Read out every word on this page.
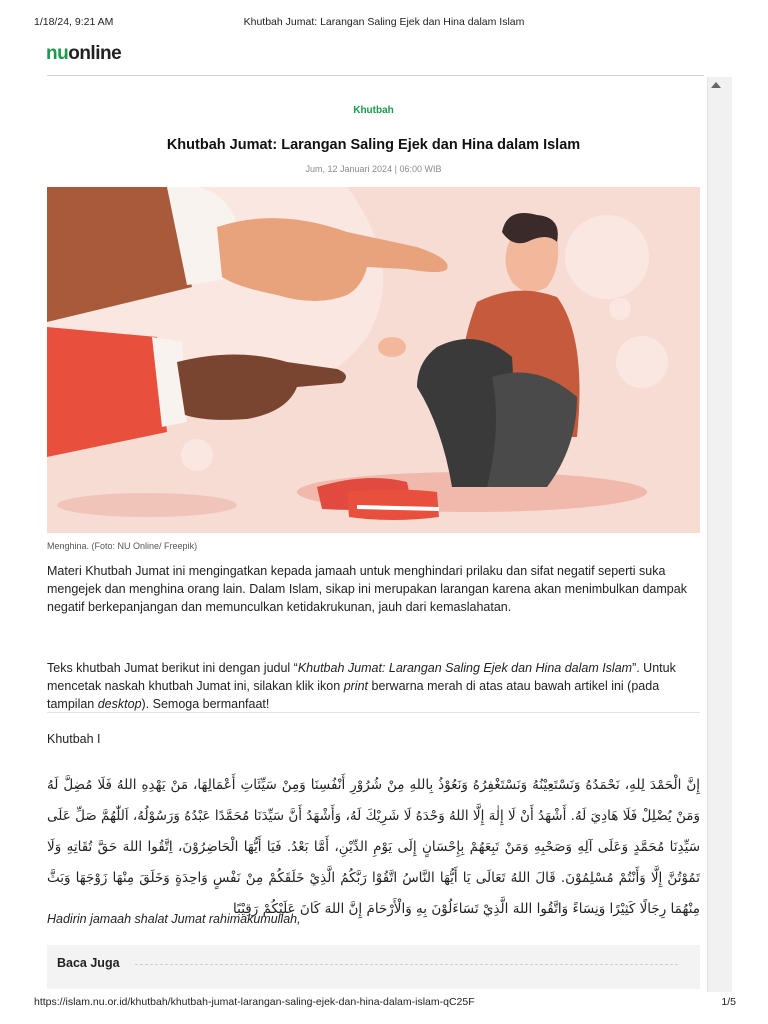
1/18/24, 9:21 AM	Khutbah Jumat: Larangan Saling Ejek dan Hina dalam Islam
nu online
Khutbah
Khutbah Jumat: Larangan Saling Ejek dan Hina dalam Islam
Jum, 12 Januari 2024 | 06:00 WIB
Menghina. (Foto: NU Online/ Freepik)

Materi Khutbah Jumat ini mengingatkan kepada jamaah untuk menghindari prilaku dan sifat negatif seperti suka mengejek dan menghina orang lain. Dalam Islam, sikap ini merupakan larangan karena akan menimbulkan dampak negatif berkepanjangan dan memunculkan ketidakrukunan, jauh dari kemaslahatan.

Teks khutbah Jumat berikut ini dengan judul “Khutbah Jumat: Larangan Saling Ejek dan Hina dalam Islam”. Untuk mencetak naskah khutbah Jumat ini, silakan klik ikon print berwarna merah di atas atau bawah artikel ini (pada tampilan desktop). Semoga bermanfaat!

Khutbah I
إِنَّ الْحَمْدَ لِلهِ، نَحْمَدُهُ وَنَسْتَعِيْنُهُ وَنَسْتَغْفِرُهُ وَنَعُوْذُ بِاللهِ مِنْ شُرُوْرِ أَنْفُسِنَا وَمِنْ سَيِّئَاتِ أَعْمَالِهَا، مَنْ يَهْدِهِ اللهُ فَلَا مُضِلَّ لَهُ وَمَنْ يُضْلِلْ فَلَا هَادِيَ لَهُ. أَشْهَدُ أَنْ لَا إِلٰهَ إِلَّا اللهُ وَحْدَهُ لَا شَرِيْكَ لَهُ، وَأَشْهَدُ أَنَّ سَيِّدَنَا مُحَمَّدًا عَبْدُهُ وَرَسُوْلُهُ، اَللّٰهُمَّ صَلِّ عَلَى سَيِّدِنَا مُحَمَّدٍ وَعَلَى آلِهِ وَصَحْبِهِ وَمَنْ تَبِعَهُمْ بِإِحْسَانٍ إِلَى يَوْمِ الدِّيْنِ، أَمَّا بَعْدُ. فَيَا أَيُّهَا الْحَاضِرُوْنَ، اِتَّقُوا اللهَ حَقَّ تُقَاتِهِ وَلَا تَمُوْتُنَّ إِلَّا وَأَنْتُمْ مُسْلِمُوْنَ. قَالَ اللهُ تَعَالَى يَا أَيُّهَا النَّاسُ اتَّقُوْا رَبَّكُمُ الَّذِيْ خَلَقَكُمْ مِنْ نَفْسٍ وَاحِدَةٍ وَخَلَقَ مِنْهَا زَوْجَهَا وَبَثَّ مِنْهُمَا رِجَالًا كَثِيْرًا وَنِسَاءً وَاتَّقُوا اللهَ الَّذِيْ تَسَاءَلُوْنَ بِهِ وَالْأَرْحَامَ إِنَّ اللهَ كَانَ عَلَيْكُمْ رَقِيْبًا
Hadirin jamaah shalat Jumat rahimakumullah,
Baca Juga
https://islam.nu.or.id/khutbah/khutbah-jumat-larangan-saling-ejek-dan-hina-dalam-islam-qC25F	1/5
